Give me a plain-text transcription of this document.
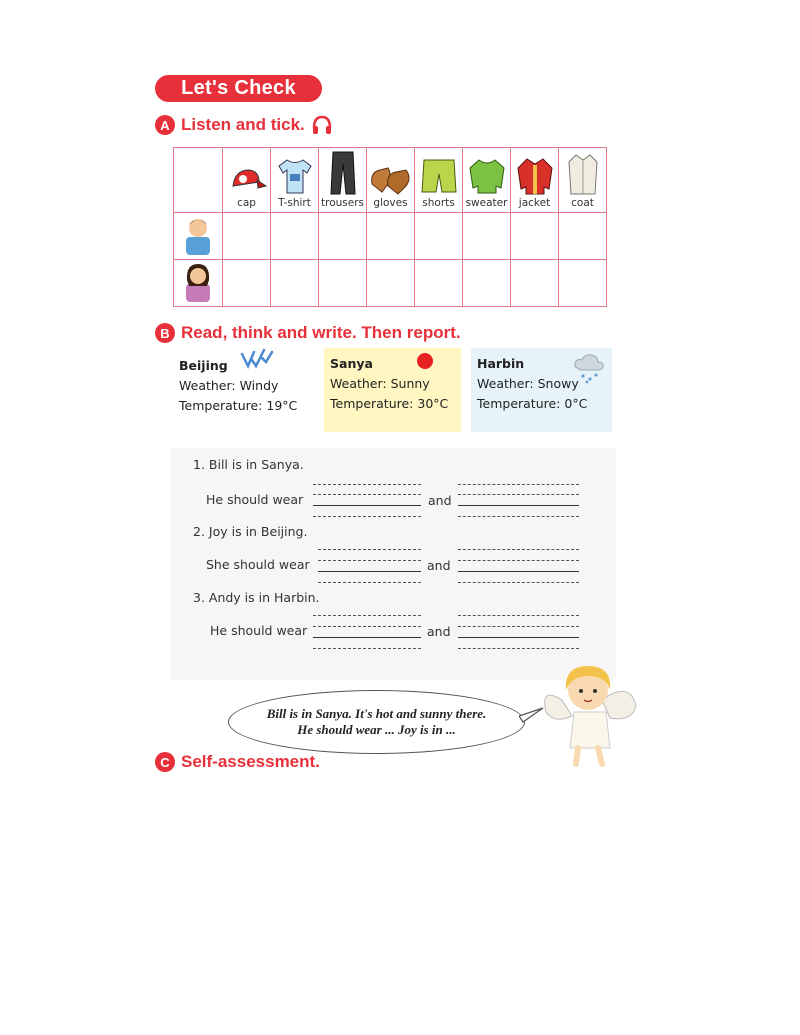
Let's Check
A Listen and tick.

	cap	T-shirt	trousers	gloves	shorts	sweater	jacket	coat

B Read, think and write. Then report.
Beijing
Weather: Windy
Temperature: 19°C
Sanya
Weather: Sunny
Temperature: 30°C
Harbin
Weather: Snowy
Temperature: 0°C
1. Bill is in Sanya.
He should wear	and
2. Joy is in Beijing.
She should wear	and
3. Andy is in Harbin.
He should wear	and
Bill is in Sanya. It's hot and sunny there.
He should wear ... Joy is in ...
C Self-assessment.
